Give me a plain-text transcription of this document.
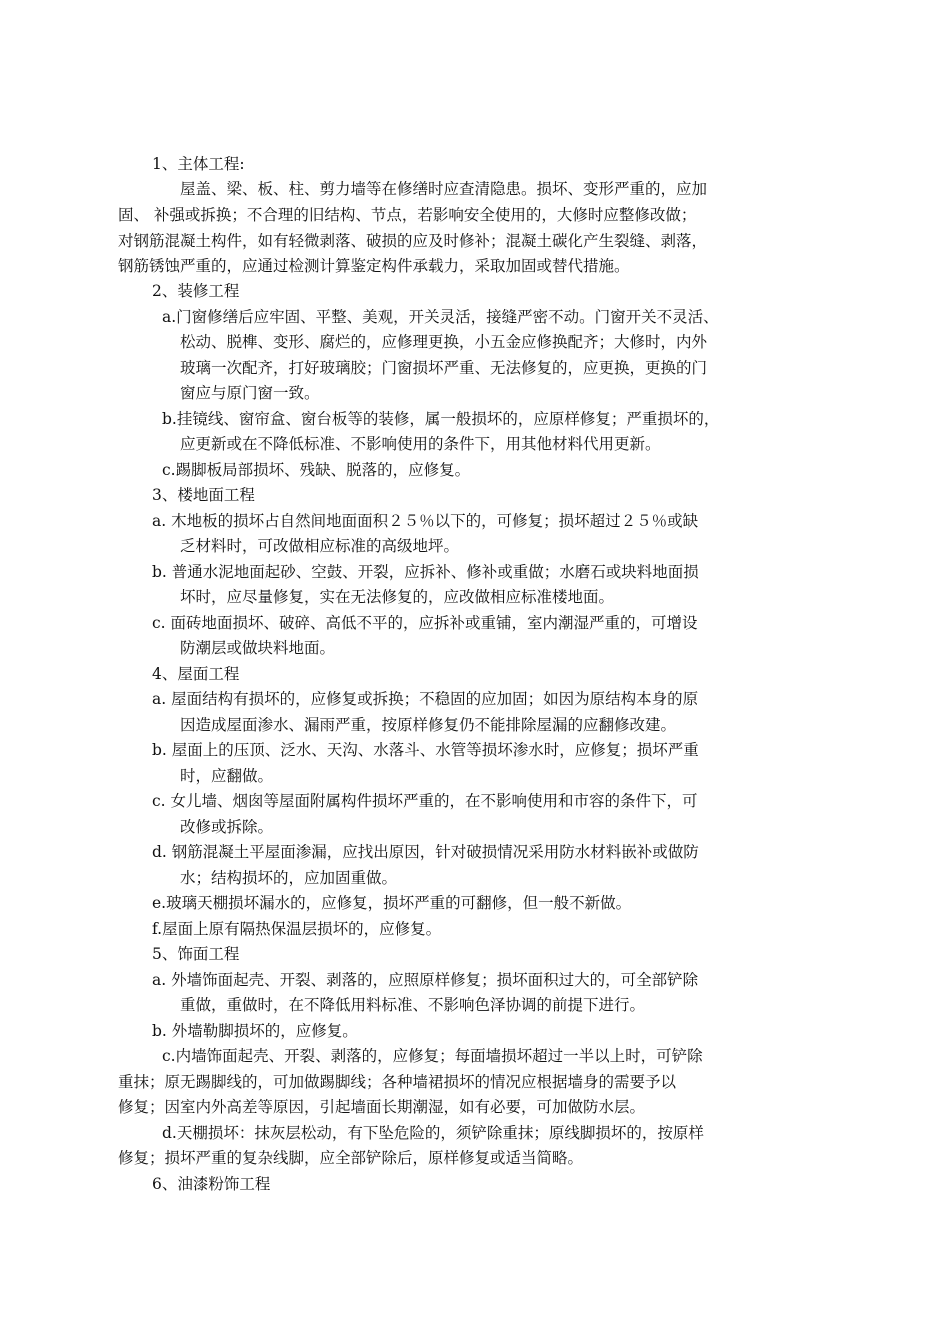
1、主体工程:
屋盖、梁、板、柱、剪力墙等在修缮时应查清隐患。损坏、变形严重的，应加
固、 补强或拆换；不合理的旧结构、节点，若影响安全使用的，大修时应整修改做；
对钢筋混凝土构件，如有轻微剥落、破损的应及时修补；混凝土碳化产生裂缝、剥落，
钢筋锈蚀严重的，应通过检测计算鉴定构件承载力，采取加固或替代措施。
2、装修工程
a.门窗修缮后应牢固、平整、美观，开关灵活，接缝严密不动。门窗开关不灵活、
松动、脱榫、变形、腐烂的，应修理更换，小五金应修换配齐；大修时，内外
玻璃一次配齐，打好玻璃胶；门窗损坏严重、无法修复的，应更换，更换的门
窗应与原门窗一致。
b.挂镜线、窗帘盒、窗台板等的装修，属一般损坏的，应原样修复；严重损坏的，
应更新或在不降低标准、不影响使用的条件下，用其他材料代用更新。
c.踢脚板局部损坏、残缺、脱落的，应修复。
3、楼地面工程
a. 木地板的损坏占自然间地面面积２５％以下的，可修复；损坏超过２５％或缺
乏材料时，可改做相应标准的高级地坪。
b. 普通水泥地面起砂、空鼓、开裂，应拆补、修补或重做；水磨石或块料地面损
坏时，应尽量修复，实在无法修复的，应改做相应标准楼地面。
c. 面砖地面损坏、破碎、高低不平的，应拆补或重铺，室内潮湿严重的，可增设
防潮层或做块料地面。
4、屋面工程
a. 屋面结构有损坏的，应修复或拆换；不稳固的应加固；如因为原结构本身的原
因造成屋面渗水、漏雨严重，按原样修复仍不能排除屋漏的应翻修改建。
b. 屋面上的压顶、泛水、天沟、水落斗、水管等损坏渗水时，应修复；损坏严重
时，应翻做。
c. 女儿墙、烟囱等屋面附属构件损坏严重的，在不影响使用和市容的条件下，可
改修或拆除。
d. 钢筋混凝土平屋面渗漏，应找出原因，针对破损情况采用防水材料嵌补或做防
水；结构损坏的，应加固重做。
e.玻璃天棚损坏漏水的，应修复，损坏严重的可翻修，但一般不新做。
f.屋面上原有隔热保温层损坏的，应修复。
5、饰面工程
a. 外墙饰面起壳、开裂、剥落的，应照原样修复；损坏面积过大的，可全部铲除
重做，重做时，在不降低用料标准、不影响色泽协调的前提下进行。
b. 外墙勒脚损坏的，应修复。
c.内墙饰面起壳、开裂、剥落的，应修复；每面墙损坏超过一半以上时，可铲除
重抹；原无踢脚线的，可加做踢脚线；各种墙裙损坏的情况应根据墙身的需要予以
修复；因室内外高差等原因，引起墙面长期潮湿，如有必要，可加做防水层。
d.天棚损坏：抹灰层松动，有下坠危险的，须铲除重抹；原线脚损坏的，按原样
修复；损坏严重的复杂线脚，应全部铲除后，原样修复或适当简略。
6、油漆粉饰工程
